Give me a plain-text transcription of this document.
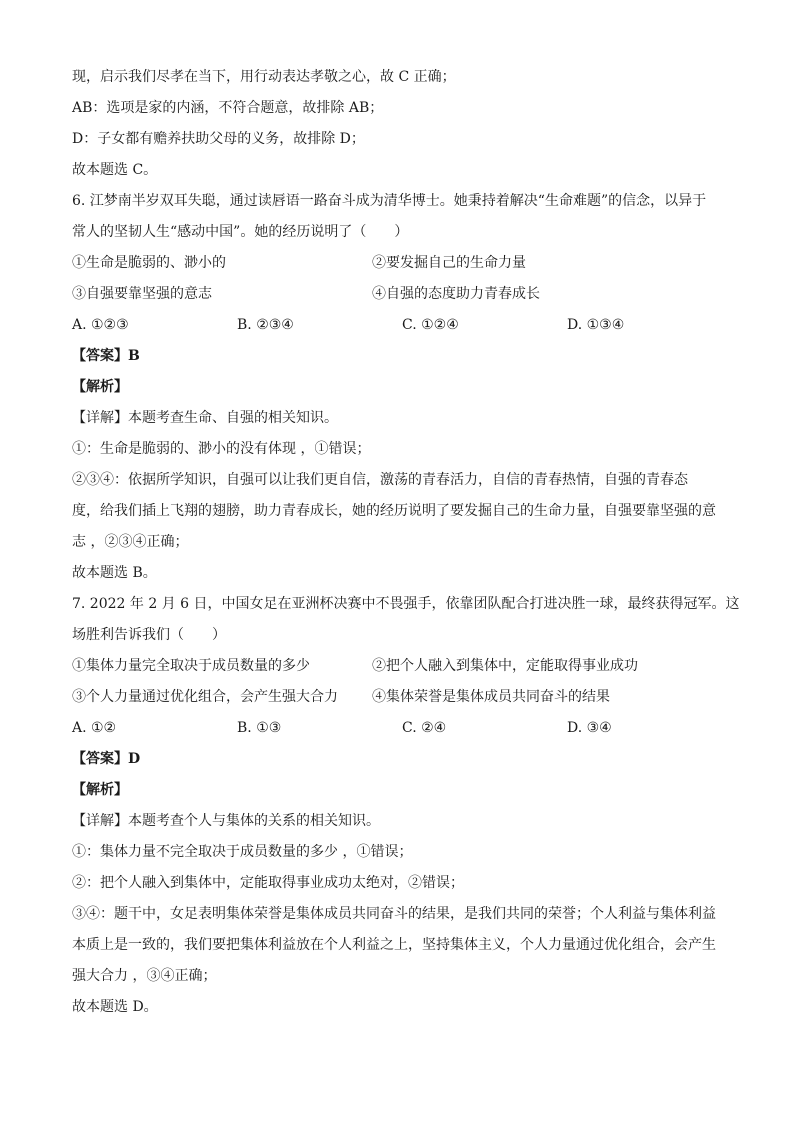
现，启示我们尽孝在当下，用行动表达孝敬之心，故 C 正确；
AB：选项是家的内涵，不符合题意，故排除 AB；
D：子女都有赡养扶助父母的义务，故排除 D；
故本题选 C。
6. 江梦南半岁双耳失聪，通过读唇语一路奋斗成为清华博士。她秉持着解决“生命难题”的信念，以异于
常人的坚韧人生“感动中国”。她的经历说明了（　　）
①生命是脆弱的、渺小的	②要发掘自己的生命力量
③自强要靠坚强的意志	④自强的态度助力青春成长
A. ①②③	B. ②③④	C. ①②④	D. ①③④
【答案】B
【解析】
【详解】本题考查生命、自强的相关知识。
①：生命是脆弱的、渺小的没有体现 ，①错误；
②③④：依据所学知识，自强可以让我们更自信，激荡的青春活力，自信的青春热情，自强的青春态
度，给我们插上飞翔的翅膀，助力青春成长，她的经历说明了要发掘自己的生命力量，自强要靠坚强的意
志 ，②③④正确；
故本题选 B。
7. 2022 年 2 月 6 日，中国女足在亚洲杯决赛中不畏强手，依靠团队配合打进决胜一球，最终获得冠军。这
场胜利告诉我们（　　）
①集体力量完全取决于成员数量的多少	②把个人融入到集体中，定能取得事业成功
③个人力量通过优化组合，会产生强大合力	④集体荣誉是集体成员共同奋斗的结果
A. ①②	B. ①③	C. ②④	D. ③④
【答案】D
【解析】
【详解】本题考查个人与集体的关系的相关知识。
①：集体力量不完全取决于成员数量的多少 ，①错误；
②：把个人融入到集体中，定能取得事业成功太绝对，②错误；
③④：题干中，女足表明集体荣誉是集体成员共同奋斗的结果，是我们共同的荣誉；个人利益与集体利益
本质上是一致的，我们要把集体利益放在个人利益之上，坚持集体主义，个人力量通过优化组合，会产生
强大合力 ，③④正确；
故本题选 D。
